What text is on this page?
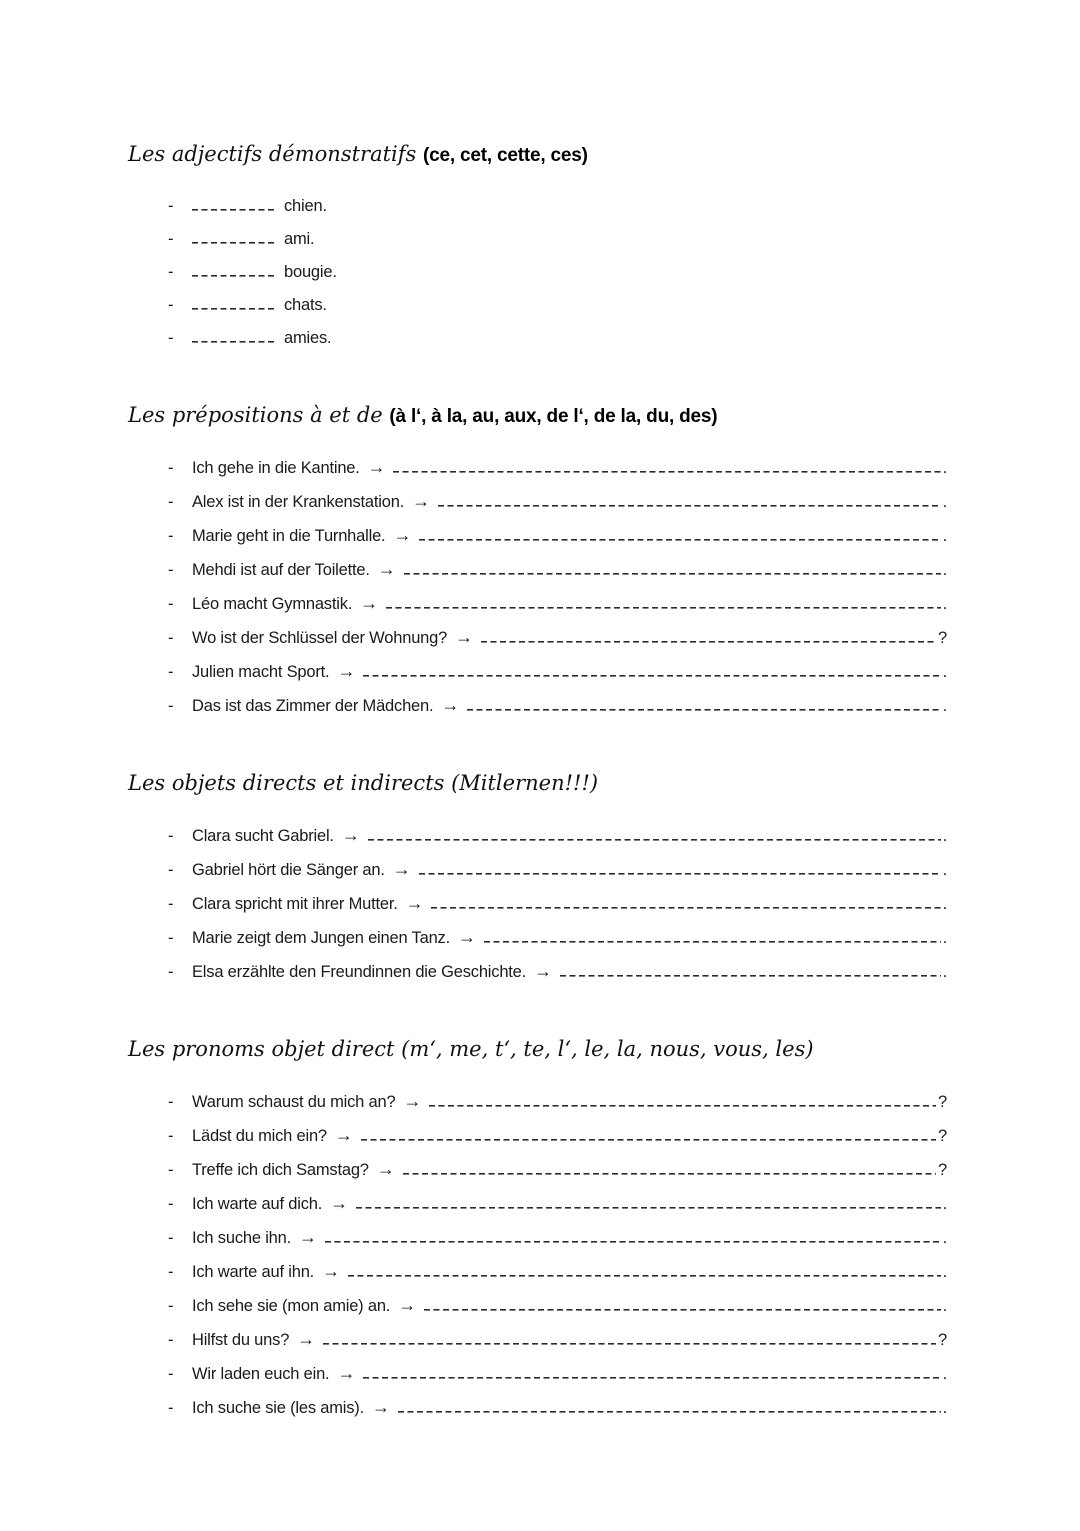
Les adjectifs démonstratifs (ce, cet, cette, ces)
-	chien.
-	ami.
-	bougie.
-	chats.
-	amies.
Les prépositions à et de (à l‘, à la, au, aux, de l‘, de la, du, des)
-	Ich gehe in die Kantine. →	.
-	Alex ist in der Krankenstation. →	.
-	Marie geht in die Turnhalle. →	.
-	Mehdi ist auf der Toilette. →	.
-	Léo macht Gymnastik. →	.
-	Wo ist der Schlüssel der Wohnung? →	?
-	Julien macht Sport. →	.
-	Das ist das Zimmer der Mädchen. →	.
Les objets directs et indirects (Mitlernen!!!)
-	Clara sucht Gabriel. →	.
-	Gabriel hört die Sänger an. →	.
-	Clara spricht mit ihrer Mutter. →	.
-	Marie zeigt dem Jungen einen Tanz. →	.
-	Elsa erzählte den Freundinnen die Geschichte. →	.
Les pronoms objet direct (m‘, me, t‘, te, l‘, le, la, nous, vous, les)
-	Warum schaust du mich an? →	?
-	Lädst du mich ein? →	?
-	Treffe ich dich Samstag? →	?
-	Ich warte auf dich. →	.
-	Ich suche ihn. →	.
-	Ich warte auf ihn. →	.
-	Ich sehe sie (mon amie) an. →	.
-	Hilfst du uns? →	?
-	Wir laden euch ein. →	.
-	Ich suche sie (les amis). →	.
